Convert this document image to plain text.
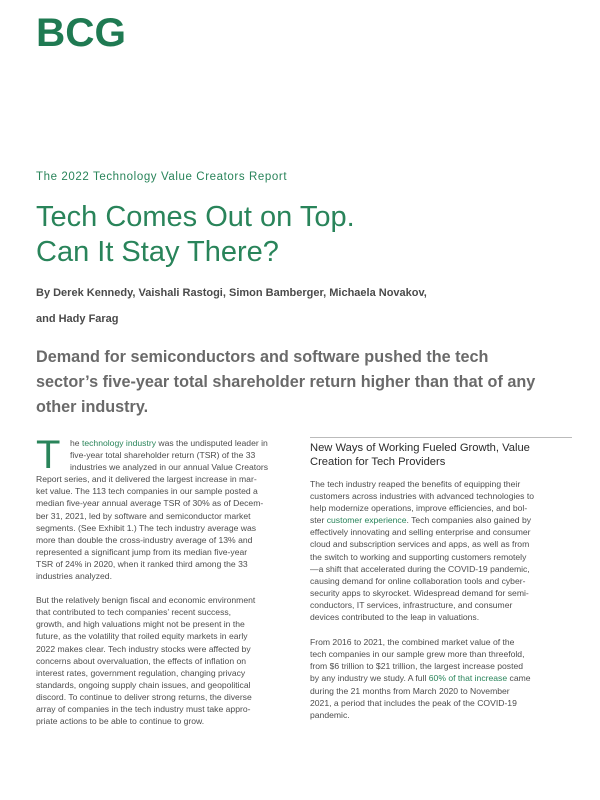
BCG
The 2022 Technology Value Creators Report
Tech Comes Out on Top.
Can It Stay There?
By Derek Kennedy, Vaishali Rastogi, Simon Bamberger, Michaela Novakov,
and Hady Farag
Demand for semiconductors and software pushed the tech
sector’s five-year total shareholder return higher than that of any
other industry.
T he technology industry was the undisputed leader in
five-year total shareholder return (TSR) of the 33
industries we analyzed in our annual Value Creators
Report series, and it delivered the largest increase in mar-
ket value. The 113 tech companies in our sample posted a
median five-year annual average TSR of 30% as of Decem-
ber 31, 2021, led by software and semiconductor market
segments. (See Exhibit 1.) The tech industry average was
more than double the cross-industry average of 13% and
represented a significant jump from its median five-year
TSR of 24% in 2020, when it ranked third among the 33
industries analyzed.
But the relatively benign fiscal and economic environment
that contributed to tech companies’ recent success,
growth, and high valuations might not be present in the
future, as the volatility that roiled equity markets in early
2022 makes clear. Tech industry stocks were affected by
concerns about overvaluation, the effects of inflation on
interest rates, government regulation, changing privacy
standards, ongoing supply chain issues, and geopolitical
discord. To continue to deliver strong returns, the diverse
array of companies in the tech industry must take appro-
priate actions to be able to continue to grow.
New Ways of Working Fueled Growth, Value
Creation for Tech Providers
The tech industry reaped the benefits of equipping their
customers across industries with advanced technologies to
help modernize operations, improve efficiencies, and bol-
ster customer experience. Tech companies also gained by
effectively innovating and selling enterprise and consumer
cloud and subscription services and apps, as well as from
the switch to working and supporting customers remotely
—a shift that accelerated during the COVID-19 pandemic,
causing demand for online collaboration tools and cyber-
security apps to skyrocket. Widespread demand for semi-
conductors, IT services, infrastructure, and consumer
devices contributed to the leap in valuations.
From 2016 to 2021, the combined market value of the
tech companies in our sample grew more than threefold,
from $6 trillion to $21 trillion, the largest increase posted
by any industry we study. A full 60% of that increase came
during the 21 months from March 2020 to November
2021, a period that includes the peak of the COVID-19
pandemic.
